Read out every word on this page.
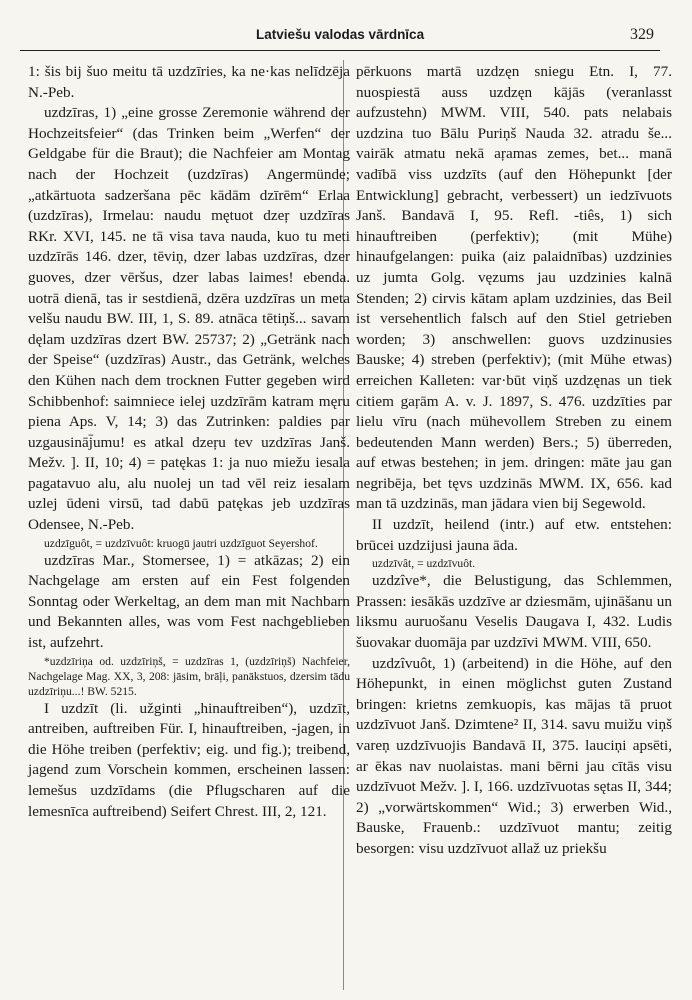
Latviešu valodas vārdnīca	329

1: šis bij šuo meitu tā uzdzīries, ka ne·kas nelīdzēja N.-Peb.

uzdzīras, 1) „eine grosse Zeremonie während der Hochzeitsfeier“ (das Trinken beim „Werfen“ der Geldgabe für die Braut); die Nachfeier am Montag nach der Hochzeit (uzdzīras) Angermünde; „atkārtuota sadzeršana pēc kādām dzīrēm“ Erlaa (uzdzīras), Irmelau: naudu mętuot dzeŗ uzdzīras RKr. XVI, 145. ne tā visa tava nauda, kuo tu meti uzdzīrās 146. dzer, tēviņ, dzer labas uzdzīras, dzer guoves, dzer vēršus, dzer labas laimes! ebenda. uotrā dienā, tas ir sestdienā, dzēra uzdzīras un meta velšu naudu BW. III, 1, S. 89. atnāca tētiņš... savam dęlam uzdzīras dzert BW. 25737; 2) „Getränk nach der Speise“ (uzdzīras) Austr., das Getränk, welches den Kühen nach dem trocknen Futter gegeben wird Schibbenhof: saimniece ielej uzdzīrām katram męru piena Aps. V, 14; 3) das Zutrinken: paldies par uzgausināj̄umu! es atkal dzeŗu tev uzdzīras Janš. Mežv. ]. II, 10; 4) = patękas 1: ja nuo miežu iesala pagatavuo alu, alu nuolej un tad vēl reiz iesalam uzlej ūdeni virsū, tad dabū patękas jeb uzdzīras Odensee, N.-Peb.

uzdzīguôt, = uzdzīvuôt: kruogū jautri uzdzīguot Seyershof.

uzdzīras Mar., Stomersee, 1) = atkāzas; 2) ein Nachgelage am ersten auf ein Fest folgenden Sonntag oder Werkeltag, an dem man mit Nachbarn und Bekannten alles, was vom Fest nachgeblieben ist, aufzehrt.

*uzdzīriņa od. uzdzīriņš, = uzdzīras 1, (uzdzīriņš) Nachfeier, Nachgelage Mag. XX, 3, 208: jāsim, brāļi, panākstuos, dzersim tādu uzdzīriņu...! BW. 5215.

I uzdzīt (li. užginti „hinauftreiben“), uzdzīt, antreiben, auftreiben Für. I, hinauftreiben, -jagen, in die Höhe treiben (perfektiv; eig. und fig.); treibend, jagend zum Vorschein kommen, erscheinen lassen: lemešus uzdzīdams (die Pflugscharen auf die lemesnīca auftreibend) Seifert Chrest. III, 2, 121.

pērkuons martā uzdzęn sniegu Etn. I, 77. nuospiestā auss uzdzęn kājās (veranlasst aufzustehn) MWM. VIII, 540. pats nelabais uzdzina tuo Bālu Puriņš Nauda 32. atradu še... vairāk atmatu nekā aŗamas zemes, bet... manā vadībā viss uzdzīts (auf den Höhepunkt [der Entwicklung] gebracht, verbessert) un iedzīvuots Janš. Bandavā I, 95. Refl. -tiês, 1) sich hinauftreiben (perfektiv); (mit Mühe) hinaufgelangen: puika (aiz palaidnības) uzdzinies uz jumta Golg. vęzums jau uzdzinies kalnā Stenden; 2) cirvis kātam aplam uzdzinies, das Beil ist versehentlich falsch auf den Stiel getrieben worden; 3) anschwellen: guovs uzdzinusies Bauske; 4) streben (perfektiv); (mit Mühe etwas) erreichen Kalleten: var·būt viņš uzdzęnas un tiek citiem gaŗām A. v. J. 1897, S. 476. uzdzīties par lielu vīru (nach mühevollem Streben zu einem bedeutenden Mann werden) Bers.; 5) überreden, auf etwas bestehen; in jem. dringen: māte jau gan negribēja, bet tęvs uzdzinās MWM. IX, 656. kad man tā uzdzinās, man jādara vien bij Segewold.

II uzdzīt, heilend (intr.) auf etw. entstehen: brūcei uzdzijusi jauna āda.

uzdzīvât, = uzdzīvuôt.

uzdzîve*, die Belustigung, das Schlemmen, Prassen: iesākās uzdzīve ar dziesmām, ujināšanu un liksmu auruošanu Veselis Daugava I, 432. Ludis šuovakar duomāja par uzdzīvi MWM. VIII, 650.

uzdzîvuôt, 1) (arbeitend) in die Höhe, auf den Höhepunkt, in einen möglichst guten Zustand bringen: krietns zemkuopis, kas mājas tā pruot uzdzīvuot Janš. Dzimtene² II, 314. savu muižu viņš vareņ uzdzīvuojis Bandavā II, 375. lauciņi apsēti, ar ēkas nav nuolaistas. mani bērni jau cītās visu uzdzīvuot Mežv. ]. I, 166. uzdzīvuotas sętas II, 344; 2) „vorwärtskommen“ Wid.; 3) erwerben Wid., Bauske, Frauenb.: uzdzīvuot mantu; zeitig besorgen: visu uzdzīvuot allaž uz priekšu
